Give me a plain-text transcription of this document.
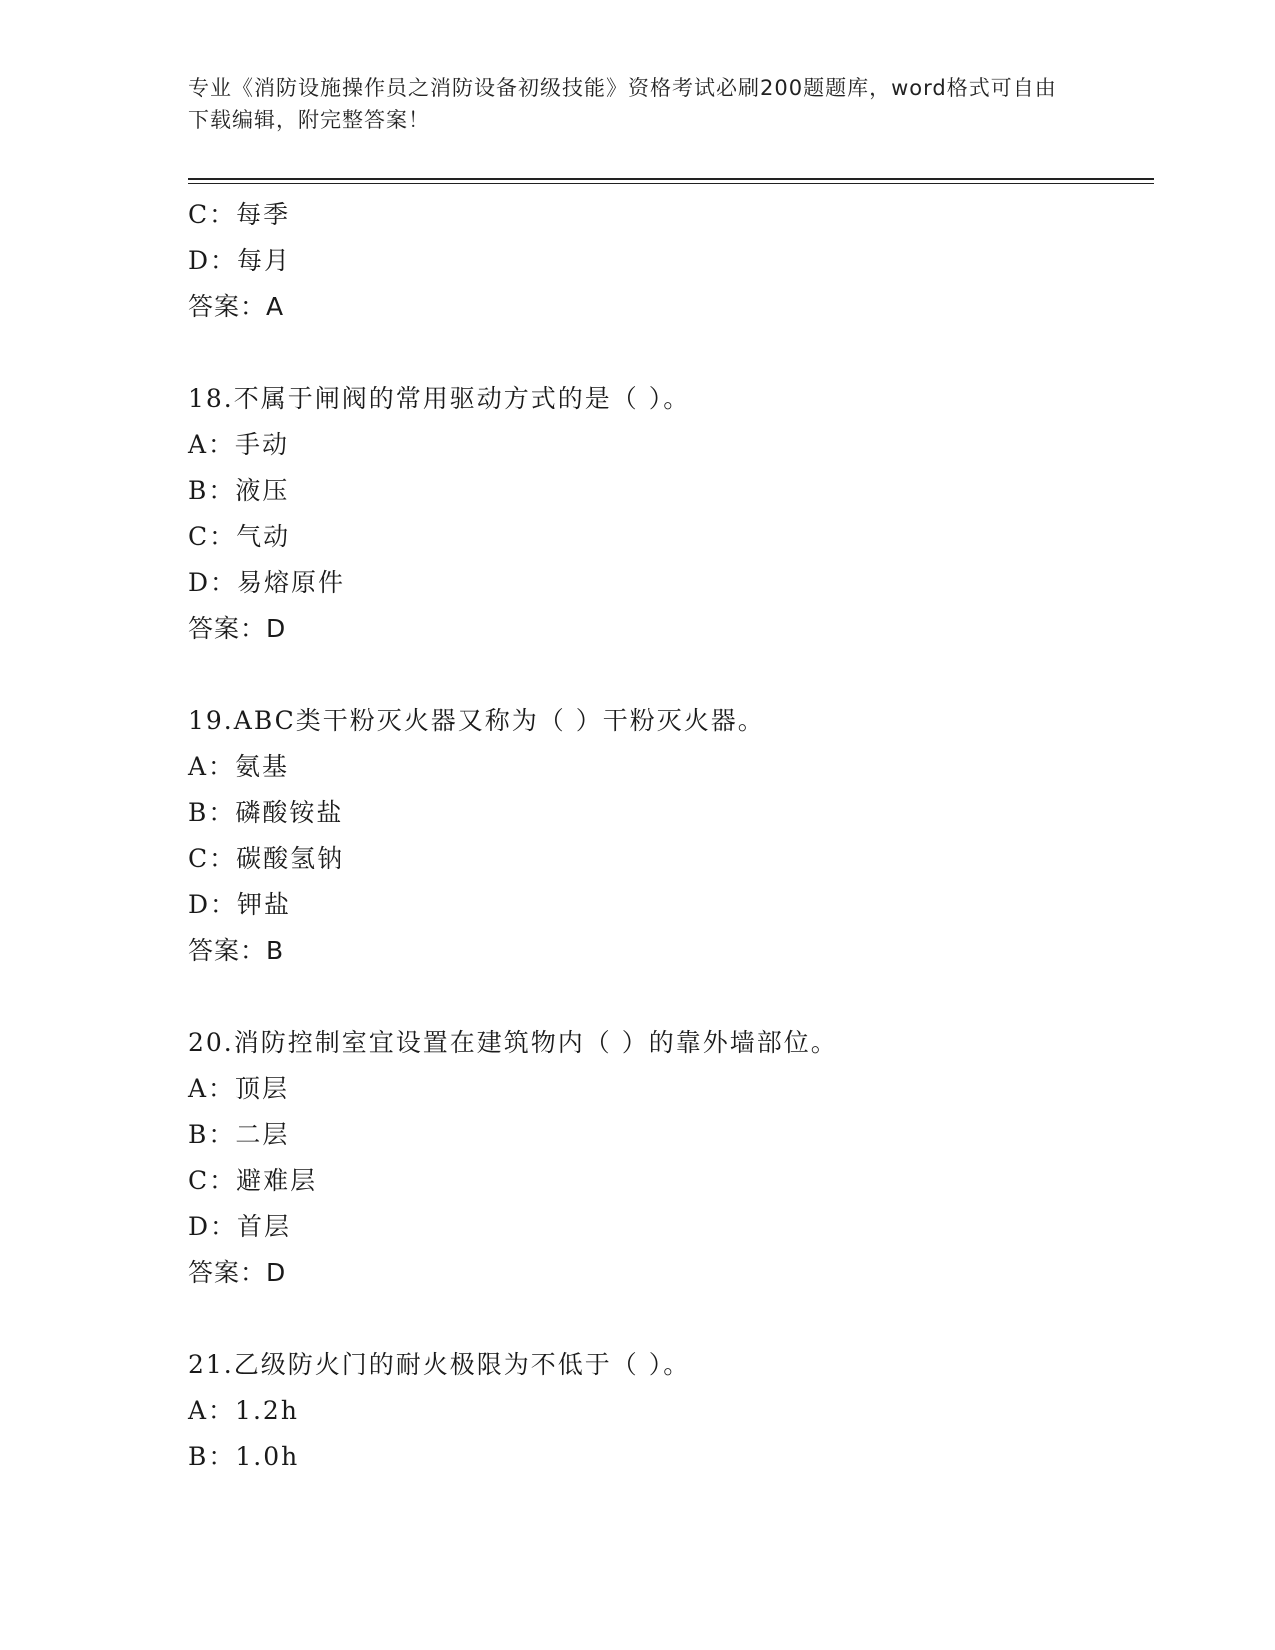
专业《消防设施操作员之消防设备初级技能》资格考试必刷200题题库，word格式可自由下载编辑，附完整答案！
C：每季
D：每月
答案：A
18.不属于闸阀的常用驱动方式的是（ ）。
A：手动
B：液压
C：气动
D：易熔原件
答案：D
19.ABC类干粉灭火器又称为（ ）干粉灭火器。
A：氨基
B：磷酸铵盐
C：碳酸氢钠
D：钾盐
答案：B
20.消防控制室宜设置在建筑物内（ ）的靠外墙部位。
A：顶层
B：二层
C：避难层
D：首层
答案：D
21.乙级防火门的耐火极限为不低于（ ）。
A：1.2h
B：1.0h
